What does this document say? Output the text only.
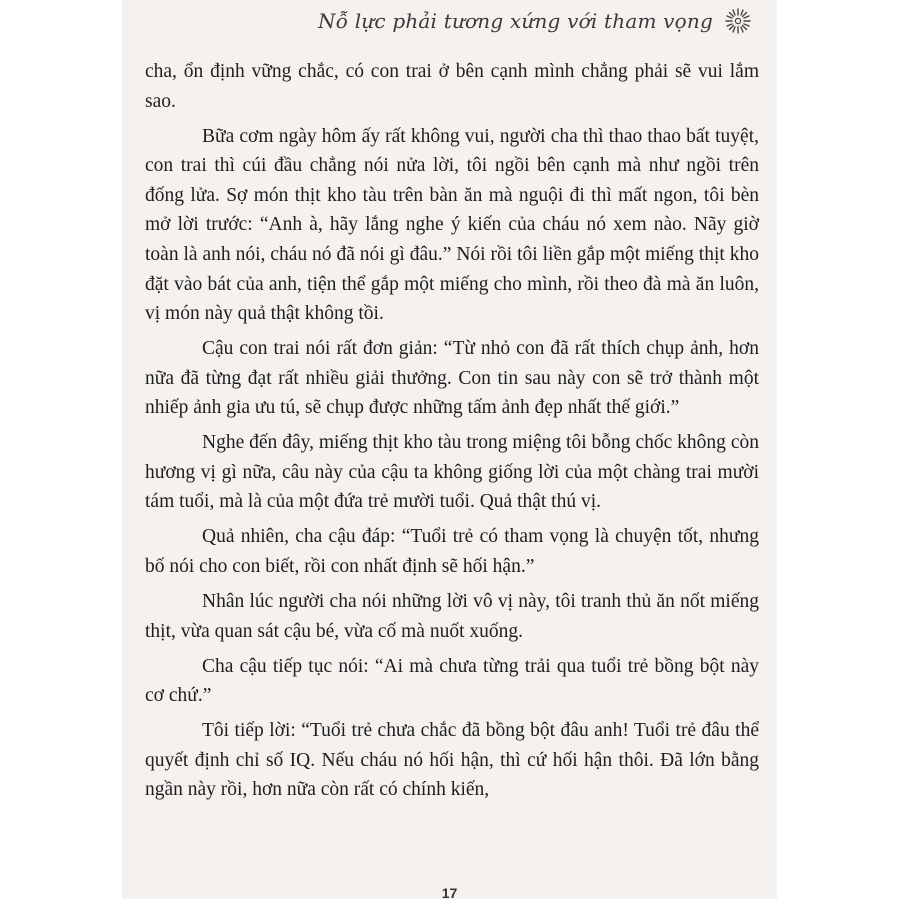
Nỗ lực phải tương xứng với tham vọng

cha, ổn định vững chắc, có con trai ở bên cạnh mình chẳng phải sẽ vui lắm sao.

Bữa cơm ngày hôm ấy rất không vui, người cha thì thao thao bất tuyệt, con trai thì cúi đầu chẳng nói nửa lời, tôi ngồi bên cạnh mà như ngồi trên đống lửa. Sợ món thịt kho tàu trên bàn ăn mà nguội đi thì mất ngon, tôi bèn mở lời trước: “Anh à, hãy lắng nghe ý kiến của cháu nó xem nào. Nãy giờ toàn là anh nói, cháu nó đã nói gì đâu.” Nói rồi tôi liền gắp một miếng thịt kho đặt vào bát của anh, tiện thể gắp một miếng cho mình, rồi theo đà mà ăn luôn, vị món này quả thật không tồi.

Cậu con trai nói rất đơn giản: “Từ nhỏ con đã rất thích chụp ảnh, hơn nữa đã từng đạt rất nhiều giải thưởng. Con tin sau này con sẽ trở thành một nhiếp ảnh gia ưu tú, sẽ chụp được những tấm ảnh đẹp nhất thế giới.”

Nghe đến đây, miếng thịt kho tàu trong miệng tôi bỗng chốc không còn hương vị gì nữa, câu này của cậu ta không giống lời của một chàng trai mười tám tuổi, mà là của một đứa trẻ mười tuổi. Quả thật thú vị.

Quả nhiên, cha cậu đáp: “Tuổi trẻ có tham vọng là chuyện tốt, nhưng bố nói cho con biết, rồi con nhất định sẽ hối hận.”

Nhân lúc người cha nói những lời vô vị này, tôi tranh thủ ăn nốt miếng thịt, vừa quan sát cậu bé, vừa cố mà nuốt xuống.

Cha cậu tiếp tục nói: “Ai mà chưa từng trải qua tuổi trẻ bồng bột này cơ chứ.”

Tôi tiếp lời: “Tuổi trẻ chưa chắc đã bồng bột đâu anh! Tuổi trẻ đâu thể quyết định chỉ số IQ. Nếu cháu nó hối hận, thì cứ hối hận thôi. Đã lớn bằng ngần này rồi, hơn nữa còn rất có chính kiến,

17
